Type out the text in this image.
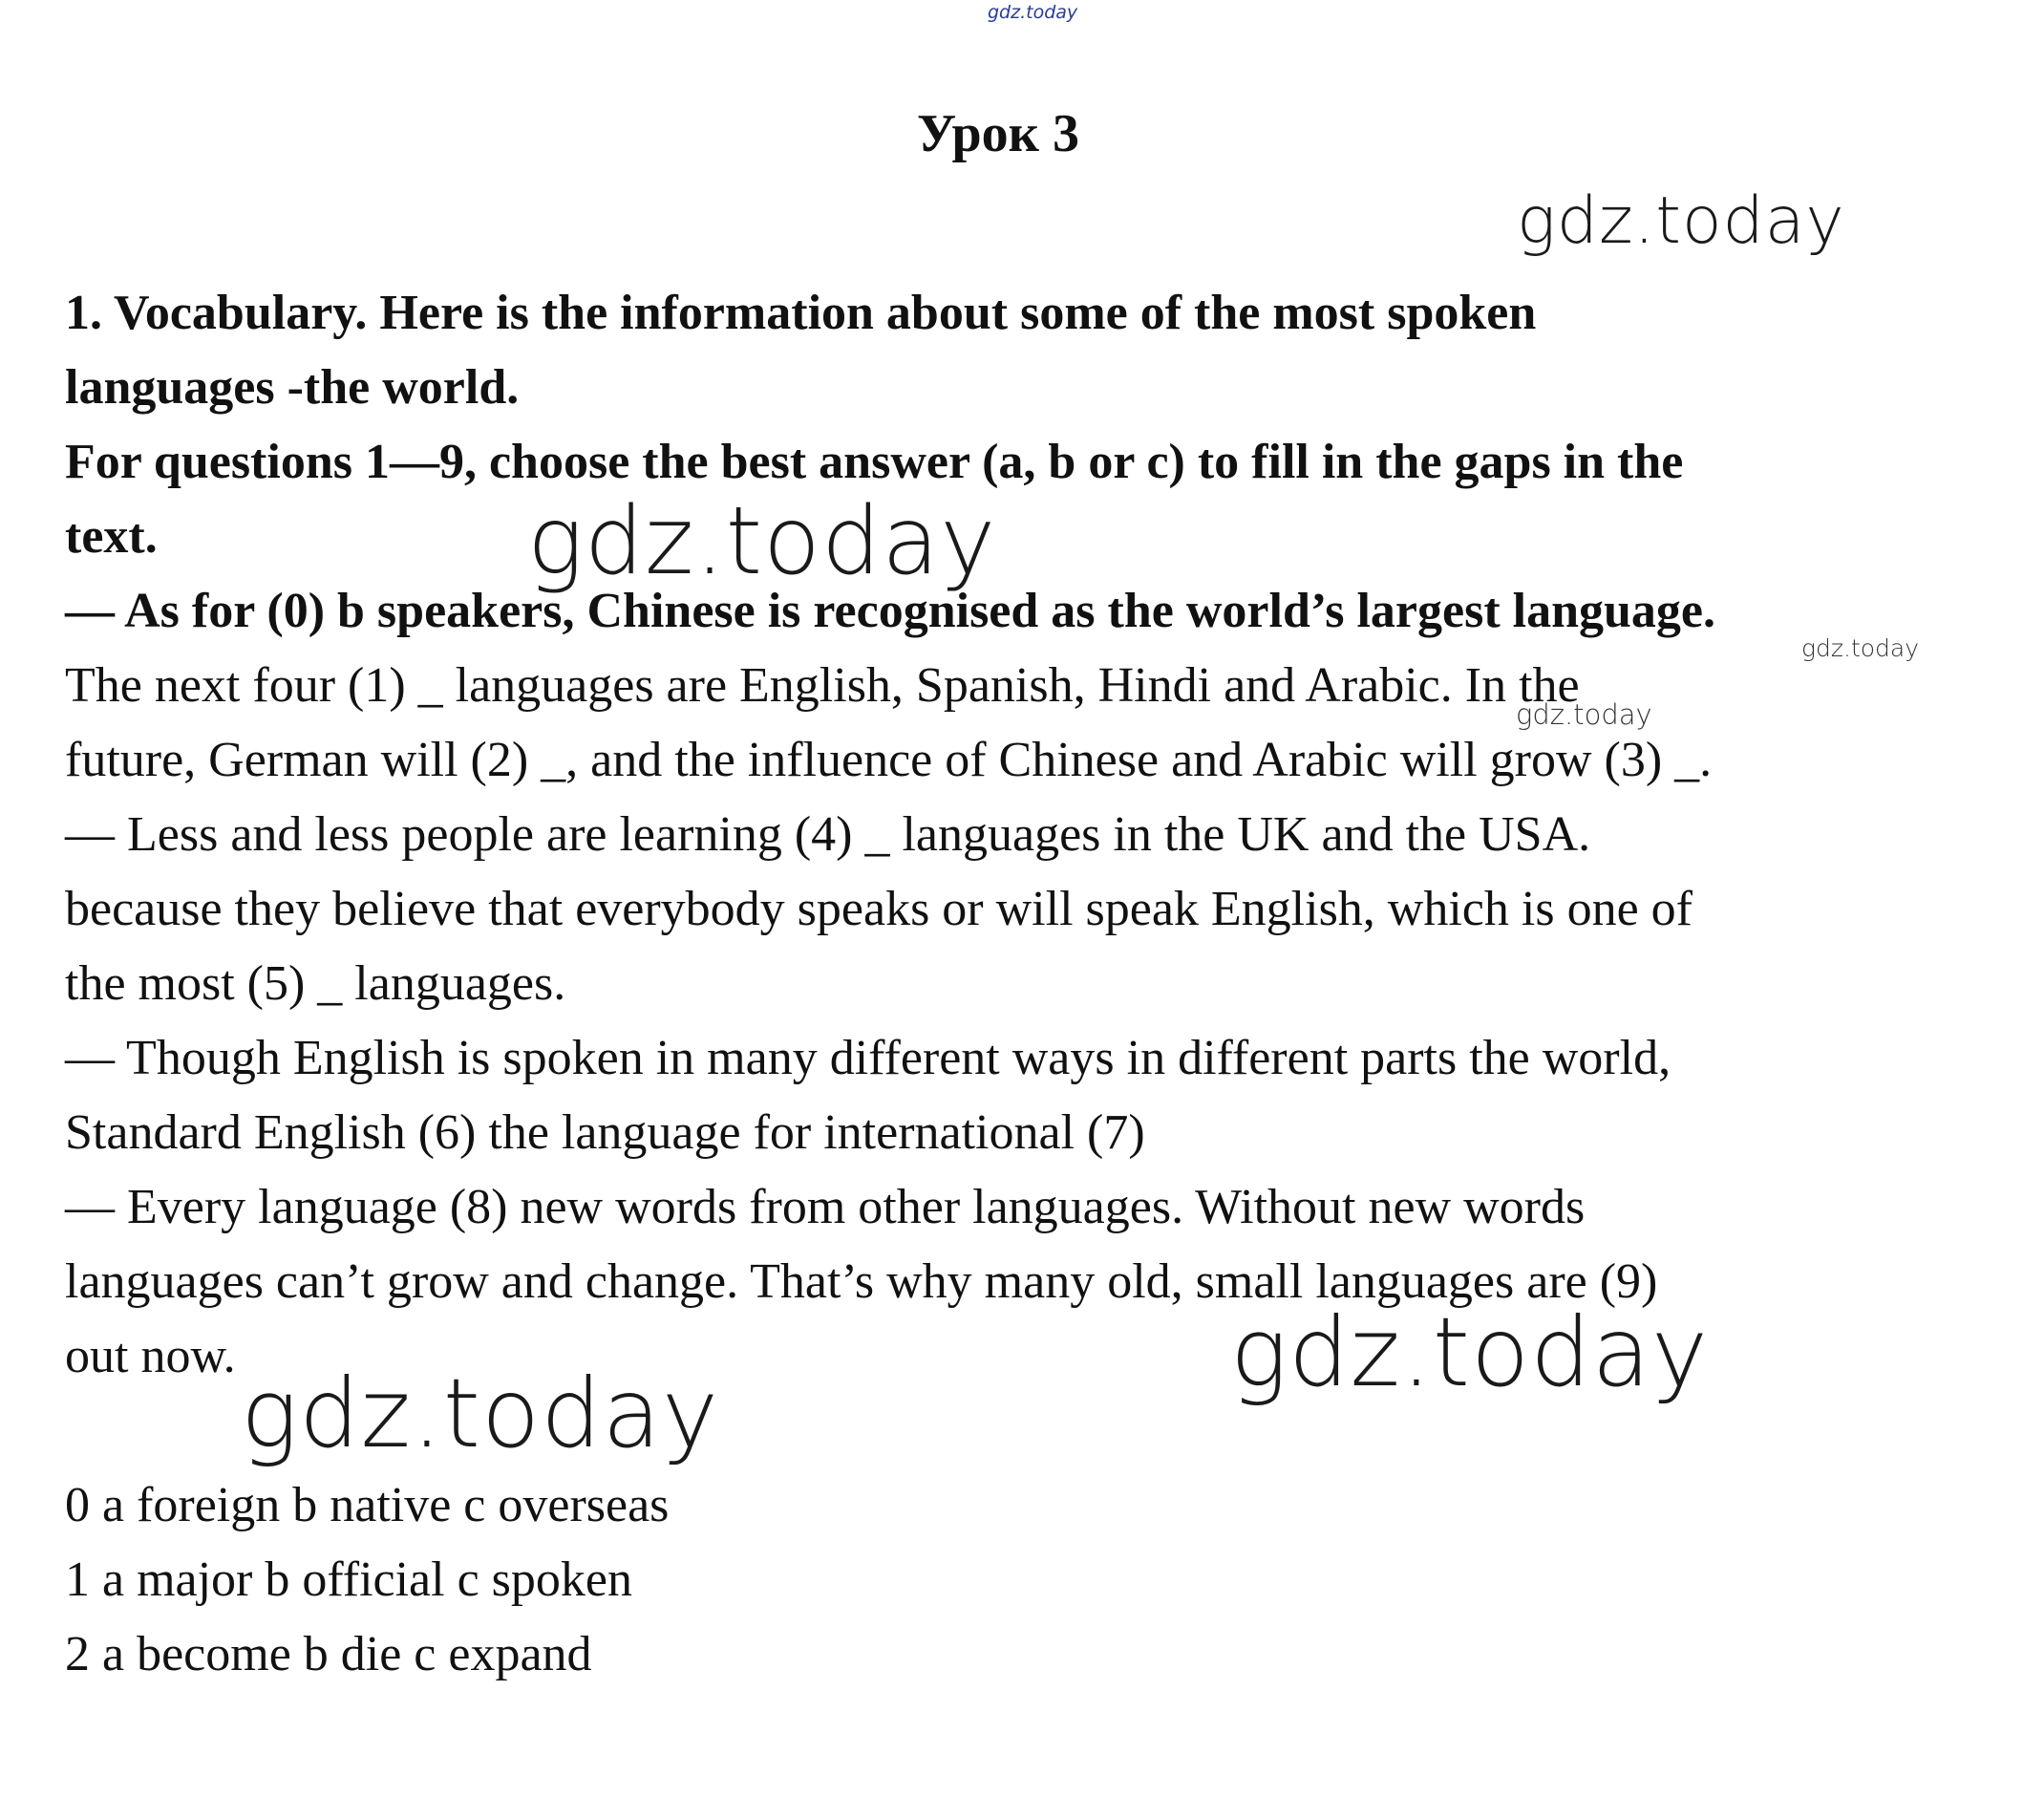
gdz.today
gdz.today
gdz.today
gdz.today
gdz.today
gdz.today
gdz.today
Урок 3

1. Vocabulary. Here is the information about some of the most spoken

languages -the world.

For questions 1—9, choose the best answer (a, b or c) to fill in the gaps in the

text.

— As for (0) b speakers, Chinese is recognised as the world’s largest language.

The next four (1) _ languages are English, Spanish, Hindi and Arabic. In the

future, German will (2) _, and the influence of Chinese and Arabic will grow (3) _.

— Less and less people are learning (4) _ languages in the UK and the USA.

because they believe that everybody speaks or will speak English, which is one of

the most (5) _ languages.

— Though English is spoken in many different ways in different parts the world,

Standard English (6) the language for international (7)

— Every language (8) new words from other languages. Without new words

languages can’t grow and change. That’s why many old, small languages are (9)

out now.

0 a foreign b native c overseas

1 a major b official c spoken

2 a become b die c expand
